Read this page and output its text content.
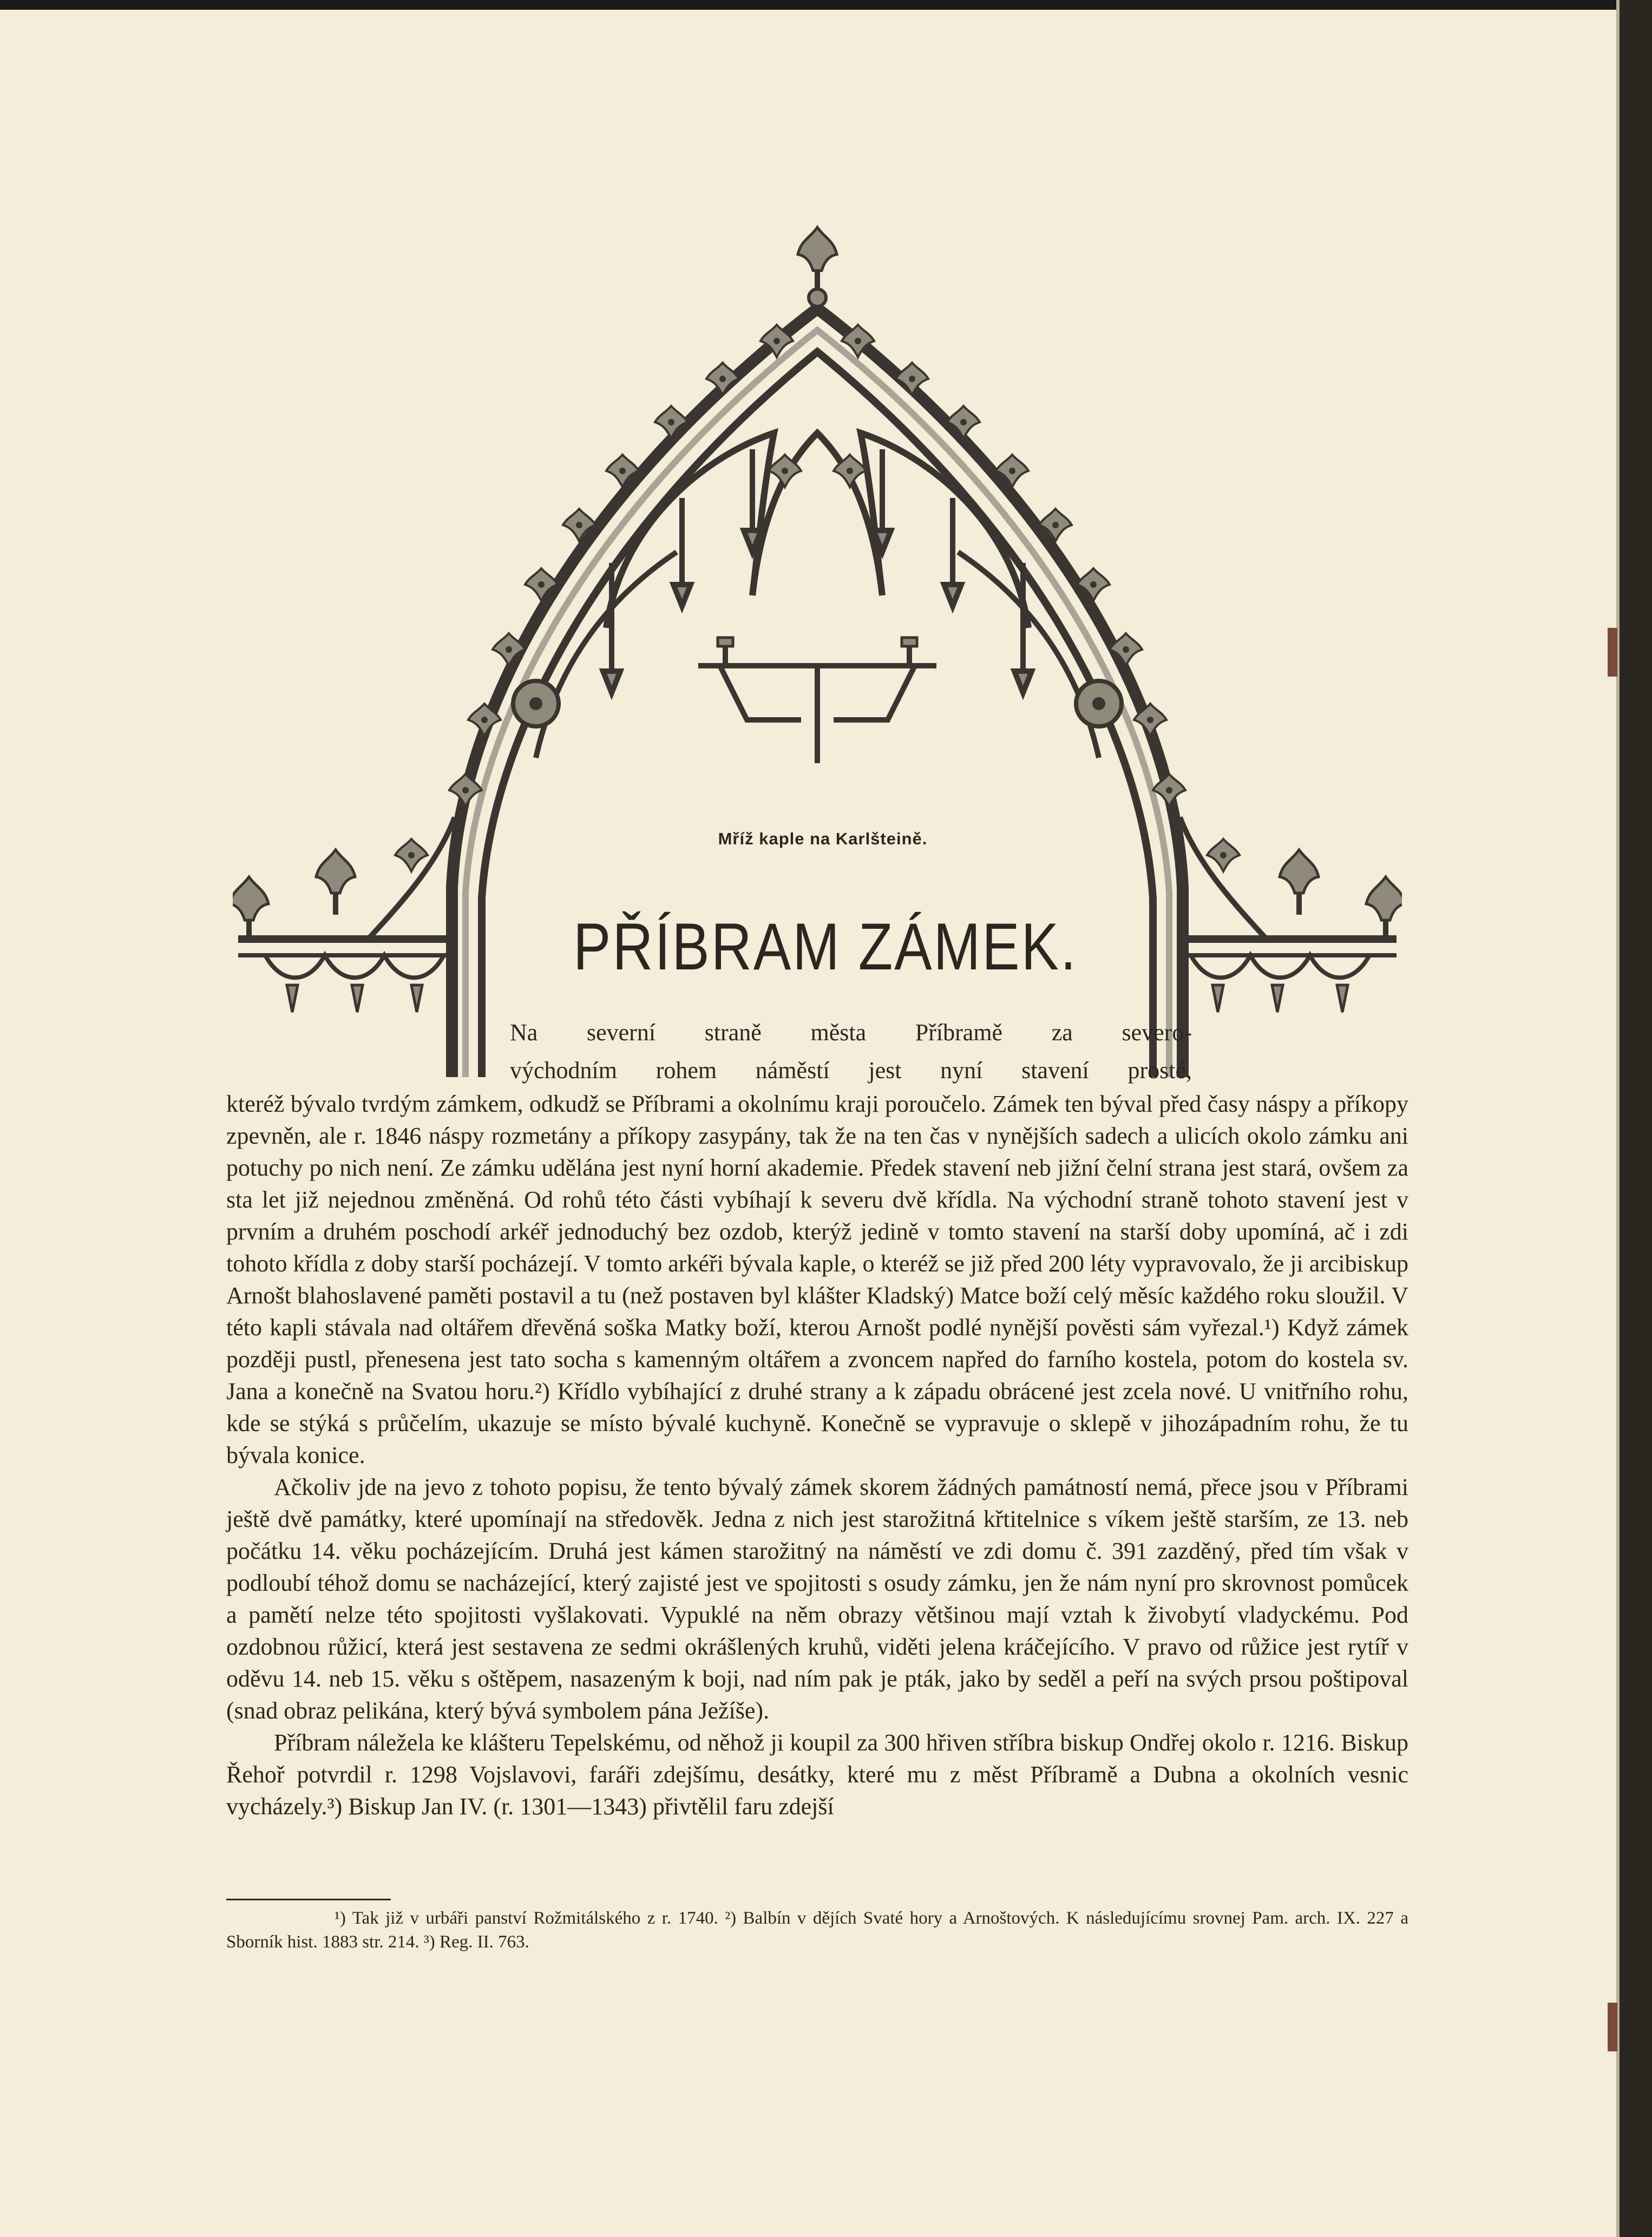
Mříž kaple na Karlšteině.
PŘÍBRAM ZÁMEK.
Na severní straně města Příbramě za severo-
východním rohem náměstí jest nyní stavení prosté,

kteréž bývalo tvrdým zámkem, odkudž se Příbrami a okolnímu kraji poroučelo. Zámek ten býval před časy náspy a příkopy zpevněn, ale r. 1846 náspy rozmetány a příkopy zasypány, tak že na ten čas v nynějších sadech a ulicích okolo zámku ani potuchy po nich není. Ze zámku udělána jest nyní horní akademie. Předek stavení neb jižní čelní strana jest stará, ovšem za sta let již nejednou změněná. Od rohů této části vybíhají k severu dvě křídla. Na východní straně tohoto stavení jest v prvním a druhém poschodí arkéř jednoduchý bez ozdob, kterýž jedině v tomto stavení na starší doby upomíná, ač i zdi tohoto křídla z doby starší pocházejí. V tomto arkéři bývala kaple, o kteréž se již před 200 léty vypravovalo, že ji arcibiskup Arnošt blahoslavené paměti postavil a tu (než postaven byl klášter Kladský) Matce boží celý měsíc každého roku sloužil. V této kapli stávala nad oltářem dřevěná soška Matky boží, kterou Arnošt podlé nynější pověsti sám vyřezal.¹) Když zámek později pustl, přenesena jest tato socha s kamenným oltářem a zvoncem napřed do farního kostela, potom do kostela sv. Jana a konečně na Svatou horu.²) Křídlo vybíhající z druhé strany a k západu obrácené jest zcela nové. U vnitřního rohu, kde se stýká s průčelím, ukazuje se místo bývalé kuchyně. Konečně se vypravuje o sklepě v jihozápadním rohu, že tu bývala konice.

Ačkoliv jde na jevo z tohoto popisu, že tento bývalý zámek skorem žádných památností nemá, přece jsou v Příbrami ještě dvě památky, které upomínají na středověk. Jedna z nich jest starožitná křtitelnice s víkem ještě starším, ze 13. neb počátku 14. věku pocházejícím. Druhá jest kámen starožitný na náměstí ve zdi domu č. 391 zazděný, před tím však v podloubí téhož domu se nacházející, který zajisté jest ve spojitosti s osudy zámku, jen že nám nyní pro skrovnost pomůcek a pamětí nelze této spojitosti vyšlakovati. Vypuklé na něm obrazy většinou mají vztah k živobytí vladyckému. Pod ozdobnou růžicí, která jest sestavena ze sedmi okrášlených kruhů, viděti jelena kráčejícího. V pravo od růžice jest rytíř v oděvu 14. neb 15. věku s oštěpem, nasazeným k boji, nad ním pak je pták, jako by seděl a peří na svých prsou poštipoval (snad obraz pelikána, který bývá symbolem pána Ježíše).

Příbram náležela ke klášteru Tepelskému, od něhož ji koupil za 300 hřiven stříbra biskup Ondřej okolo r. 1216. Biskup Řehoř potvrdil r. 1298 Vojslavovi, faráři zdejšímu, desátky, které mu z měst Příbramě a Dubna a okolních vesnic vycházely.³) Biskup Jan IV. (r. 1301—1343) přivtělil faru zdejší

¹) Tak již v urbáři panství Rožmitálského z r. 1740. ²) Balbín v dějích Svaté hory a Arnoštových. K následujícímu srovnej Pam. arch. IX. 227 a Sborník hist. 1883 str. 214. ³) Reg. II. 763.
